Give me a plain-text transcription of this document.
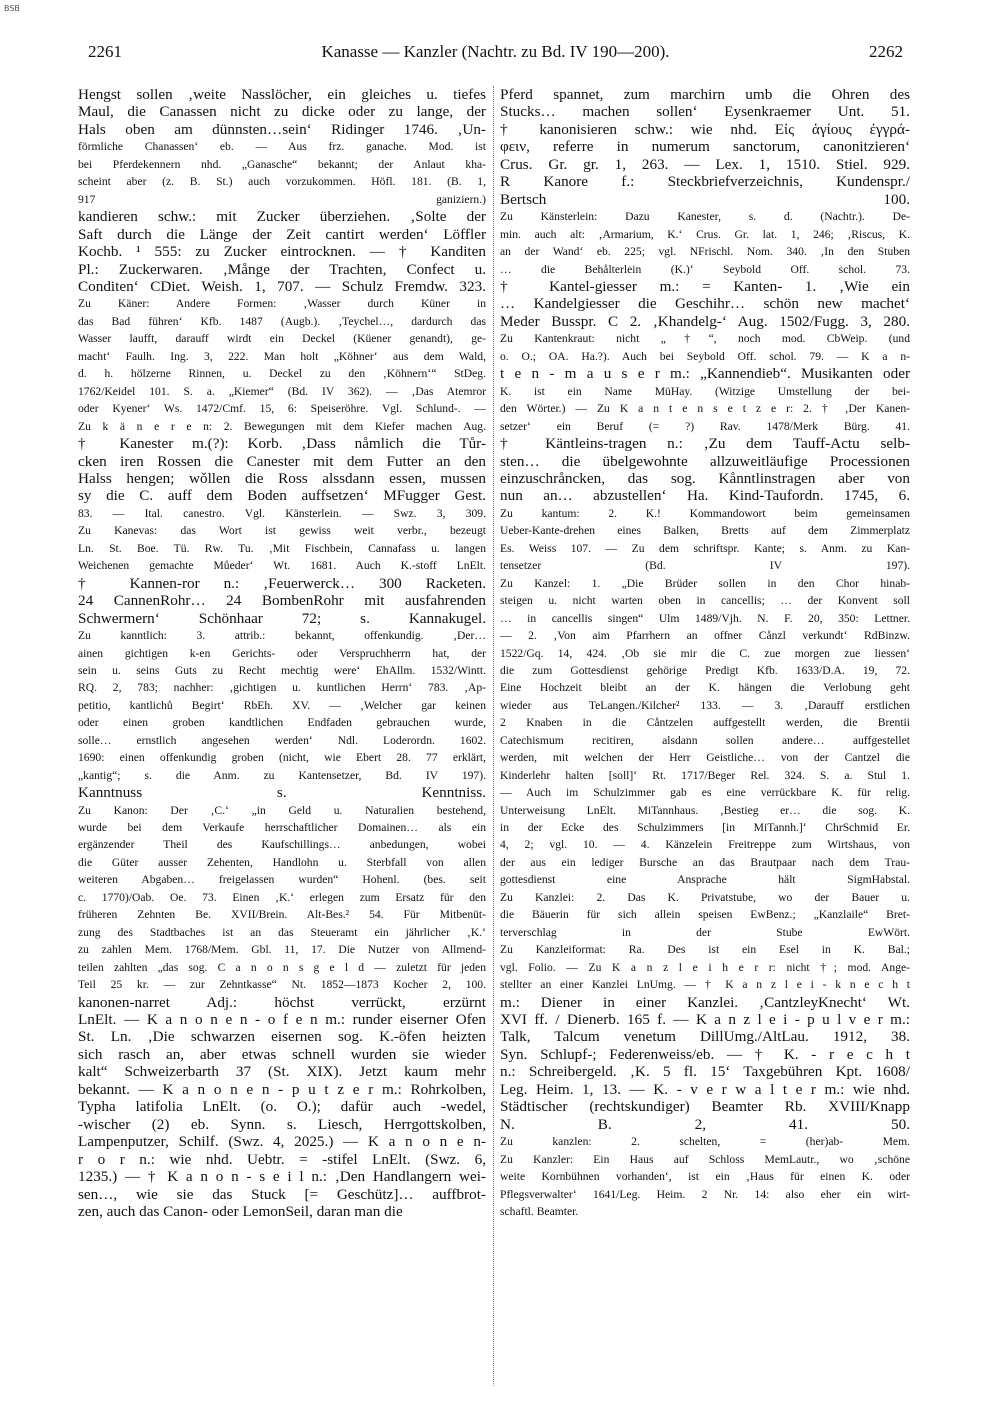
BSB
2261	Kanasse — Kanzler (Nachtr. zu Bd. IV 190—200).	2262
Hengst sollen ‚weite Nasslöcher, ein gleiches u. tiefes
Maul, die Canassen nicht zu dicke oder zu lange, der
Hals oben am dünnsten…sein‘ Ridinger 1746. ‚Un-
förmliche Chanassen‘ eb. — Aus frz. ganache. Mod. ist
bei Pferdekennern nhd. „Ganasche“ bekannt; der Anlaut kha-
scheint aber (z. B. St.) auch vorzukommen. Höfl. 181. (B. 1,
917 ganiziern.)
kandieren schw.: mit Zucker überziehen. ‚Solte der
Saft durch die Länge der Zeit cantirt werden‘ Löffler
Kochb. ¹ 555: zu Zucker eintrocknen. — † Kanditen
Pl.: Zuckerwaren. ‚Månge der Trachten, Confect u.
Conditen‘ CDiet. Weish. 1, 707. — Schulz Fremdw. 323.
Zu Käner: Andere Formen: ‚Wasser durch Küner in
das Bad führen‘ Kfb. 1487 (Augb.). ‚Teychel…, dardurch das
Wasser laufft, darauff wirdt ein Deckel (Küener genandt), ge-
macht‘ Faulh. Ing. 3, 222. Man holt „Köhner‘ aus dem Wald,
d. h. hölzerne Rinnen, u. Deckel zu den ‚Köhnern‘“ StDeg.
1762/Keidel 101. S. a. „Kiemer“ (Bd. IV 362). — ‚Das Atemror
oder Kyener‘ Ws. 1472/Cmf. 15, 6: Speiseröhre. Vgl. Schlund-. —
Zu k ä n e r e n: 2. Bewegungen mit dem Kiefer machen Aug.
† Kanester m.(?): Korb. ‚Dass nåmlich die Tůr-
cken iren Rossen die Canester mit dem Futter an den
Halss hengen; wǒllen die Ross alssdann essen, mussen
sy die C. auff dem Boden auffsetzen‘ MFugger Gest.
83. — Ital. canestro. Vgl. Känsterlein. — Swz. 3, 309.
Zu Kanevas: das Wort ist gewiss weit verbr., bezeugt
Ln. St. Boe. Tü. Rw. Tu. ‚Mit Fischbein, Cannafass u. langen
Weichenen gemachte Můeder‘ Wt. 1681. Auch K.-stoff LnElt.
† Kannen-ror n.: ‚Feuerwerck… 300 Racketen.
24 CannenRohr… 24 BombenRohr mit ausfahrenden
Schwermern‘ Schönhaar 72; s. Kannakugel.
Zu kanntlich: 3. attrib.: bekannt, offenkundig. ‚Der…
ainen gichtigen k-en Gerichts- oder Verspruchherrn hat, der
sein u. seins Guts zu Recht mechtig were‘ EhAllm. 1532/Wintt.
RQ. 2, 783; nachher: ‚gichtigen u. kuntlichen Herrn‘ 783. ‚Ap-
petitio, kantlichů Begirt‘ RbEh. XV. — ‚Welcher gar keinen
oder einen groben kandtlichen Endfaden gebrauchen wurde,
solle… ernstlich angesehen werden‘ Ndl. Loderordn. 1602.
1690: einen offenkundig groben (nicht, wie Ebert 28. 77 erklärt,
„kantig“; s. die Anm. zu Kantensetzer, Bd. IV 197).
Kanntnuss s. Kenntniss.
Zu Kanon: Der ‚C.‘ „in Geld u. Naturalien bestehend,
wurde bei dem Verkaufe herrschaftlicher Domainen… als ein
ergänzender Theil des Kaufschillings… anbedungen, wobei
die Güter ausser Zehenten, Handlohn u. Sterbfall von allen
weiteren Abgaben… freigelassen wurden“ Hohenl. (bes. seit
c. 1770)/Oab. Oe. 73. Einen ‚K.‘ erlegen zum Ersatz für den
früheren Zehnten Be. XVII/Brein. Alt-Bes.² 54. Für Mitbenüt-
zung des Stadtbaches ist an das Steueramt ein jährlicher ‚K.‘
zu zahlen Mem. 1768/Mem. Gbl. 11, 17. Die Nutzer von Allmend-
teilen zahlten „das sog. C a n o n s g e l d — zuletzt für jeden
Teil 25 kr. — zur Zehntkasse“ Nt. 1852—1873 Kocher 2, 100.
kanonen-narret Adj.: höchst verrückt, erzürnt
LnElt. — K a n o n e n - o f e n m.: runder eiserner Ofen
St. Ln. ‚Die schwarzen eisernen sog. K.-öfen heizten
sich rasch an, aber etwas schnell wurden sie wieder
kalt“ Schweizerbarth 37 (St. XIX). Jetzt kaum mehr
bekannt. — K a n o n e n - p u t z e r m.: Rohrkolben,
Typha latifolia LnElt. (o. O.); dafür auch -wedel,
-wischer (2) eb. Synn. s. Liesch, Herrgottskolben,
Lampenputzer, Schilf. (Swz. 4, 2025.) — K a n o n e n-
r o r n.: wie nhd. Uebtr. = -stifel LnElt. (Swz. 6,
1235.) — † K a n o n - s e i l n.: ‚Den Handlangern wei-
sen…, wie sie das Stuck [= Geschütz]… auffbrot-
zen, auch das Canon- oder LemonSeil, daran man die
Pferd spannet, zum marchirn umb die Ohren des
Stucks… machen sollen‘ Eysenkraemer Unt. 51.
† kanonisieren schw.: wie nhd. Εἰς ἁγίους ἐγγρά-
φειν, referre in numerum sanctorum, canonitzieren‘
Crus. Gr. gr. 1, 263. — Lex. 1, 1510. Stiel. 929.
R Kanore f.: Steckbriefverzeichnis, Kundenspr./
Bertsch 100.
Zu Känsterlein: Dazu Kanester, s. d. (Nachtr.). De-
min. auch alt: ‚Armarium, K.‘ Crus. Gr. lat. 1, 246; ‚Riscus, K.
an der Wand‘ eb. 225; vgl. NFrischl. Nom. 340. ‚In den Stuben
… die Behålterlein (K.)‘ Seybold Off. schol. 73.
† Kantel-giesser m.: = Kanten- 1. ‚Wie ein
… Kandelgiesser die Geschihr… schön new machet‘
Meder Busspr. C 2. ‚Khandelg-‘ Aug. 1502/Fugg. 3, 280.
Zu Kantenkraut: nicht „†“, noch mod. CbWeip. (und
o. O.; OA. Ha.?). Auch bei Seybold Off. schol. 79. — K a n-
t e n - m a u s e r m.: „Kannendieb“. Musikanten oder
K. ist ein Name MüHay. (Witzige Umstellung der bei-
den Wörter.) — Zu K a n t e n s e t z e r: 2. † ‚Der Kanen-
setzer‘ ein Beruf (= ?) Rav. 1478/Merk Bürg. 41.
† Käntleins-tragen n.: ‚Zu dem Tauff-Actu selb-
sten… die übelgewohnte allzuweitläufige Processionen
einzuschråncken, das sog. Kånntlinstragen aber von
nun an… abzustellen‘ Ha. Kind-Taufordn. 1745, 6.
Zu kantum: 2. K.! Kommandowort beim gemeinsamen
Ueber-Kante-drehen eines Balken, Bretts auf dem Zimmerplatz
Es. Weiss 107. — Zu dem schriftspr. Kante; s. Anm. zu Kan-
tensetzer (Bd. IV 197).
Zu Kanzel: 1. „Die Brüder sollen in den Chor hinab-
steigen u. nicht warten oben in cancellis; … der Konvent soll
… in cancellis singen“ Ulm 1489/Vjh. N. F. 20, 350: Lettner.
— 2. ‚Von aim Pfarrhern an offner Cånzl verkundt‘ RdBinzw.
1522/Gq. 14, 424. ‚Ob sie mir die C. zue morgen zue liessen‘
die zum Gottesdienst gehörige Predigt Kfb. 1633/D.A. 19, 72.
Eine Hochzeit bleibt an der K. hängen die Verlobung geht
wieder aus TeLangen./Kilcher² 133. — 3. ‚Darauff erstlichen
2 Knaben in die Cåntzelen auffgestellt werden, die Brentii
Catechismum recitiren, alsdann sollen andere… auffgestellet
werden, mit welchen der Herr Geistliche… von der Cantzel die
Kinderlehr halten [soll]‘ Rt. 1717/Beger Rel. 324. S. a. Stul 1.
— Auch im Schulzimmer gab es eine verrückbare K. für relig.
Unterweisung LnElt. MiTannhaus. ‚Bestieg er… die sog. K.
in der Ecke des Schulzimmers [in MiTannh.]‘ ChrSchmid Er.
4, 2; vgl. 10. — 4. Känzelein Freitreppe zum Wirtshaus, von
der aus ein lediger Bursche an das Brautpaar nach dem Trau-
gottesdienst eine Ansprache hält SigmHabstal.
Zu Kanzlei: 2. Das K. Privatstube, wo der Bauer u.
die Bäuerin für sich allein speisen EwBenz.; „Kanzlaile“ Bret-
terverschlag in der Stube EwWört.
Zu Kanzleiformat: Ra. Des ist ein Esel in K. Bal.;
vgl. Folio. — Zu K a n z l e i h e r r: nicht †; mod. Ange-
stellter an einer Kanzlei LnUmg. — † K a n z l e i - k n e c h t
m.: Diener in einer Kanzlei. ‚CantzleyKnecht‘ Wt.
XVI ff. / Dienerb. 165 f. — K a n z l e i - p u l v e r m.:
Talk, Talcum venetum DillUmg./AltLau. 1912, 38.
Syn. Schlupf-; Federenweiss/eb. — † K. - r e c h t
n.: Schreibergeld. ‚K. 5 fl. 15‘ Taxgebühren Kpt. 1608/
Leg. Heim. 1, 13. — K. - v e r w a l t e r m.: wie nhd.
Städtischer (rechtskundiger) Beamter Rb. XVIII/Knapp
N. B. 2, 41. 50.
Zu kanzlen: 2. schelten, = (her)ab- Mem.
Zu Kanzler: Ein Haus auf Schloss MemLautr., wo ‚schöne
weite Kornbühnen vorhanden‘, ist ein ‚Haus für einen K. oder
Pflegsverwalter‘ 1641/Leg. Heim. 2 Nr. 14: also eher ein wirt-
schaftl. Beamter.
